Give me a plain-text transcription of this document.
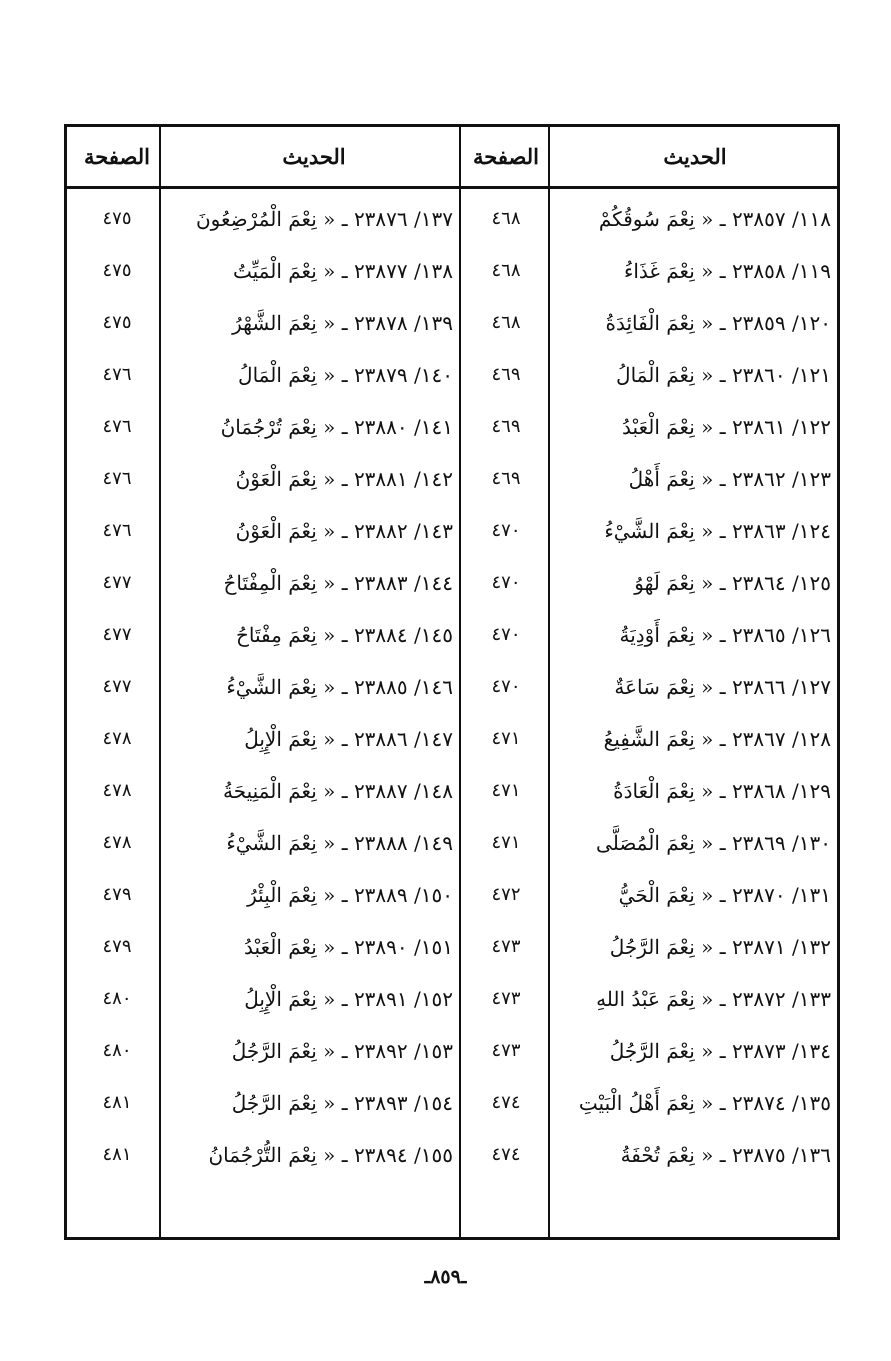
الحديث
الصفحة
الحديث
الصفحة
١١٨/ ٢٣٨٥٧ ـ « نِعْمَ سُوقُكُمْ
٤٦٨
١٣٧/ ٢٣٨٧٦ ـ « نِعْمَ الْمُرْضِعُونَ
٤٧٥
١١٩/ ٢٣٨٥٨ ـ « نِعْمَ غَذَاءُ
٤٦٨
١٣٨/ ٢٣٨٧٧ ـ « نِعْمَ الْمَيِّتُ
٤٧٥
١٢٠/ ٢٣٨٥٩ ـ « نِعْمَ الْفَائِدَةُ
٤٦٨
١٣٩/ ٢٣٨٧٨ ـ « نِعْمَ الشَّهْرُ
٤٧٥
١٢١/ ٢٣٨٦٠ ـ « نِعْمَ الْمَالُ
٤٦٩
١٤٠/ ٢٣٨٧٩ ـ « نِعْمَ الْمَالُ
٤٧٦
١٢٢/ ٢٣٨٦١ ـ « نِعْمَ الْعَبْدُ
٤٦٩
١٤١/ ٢٣٨٨٠ ـ « نِعْمَ تُرْجُمَانُ
٤٧٦
١٢٣/ ٢٣٨٦٢ ـ « نِعْمَ أَهْلُ
٤٦٩
١٤٢/ ٢٣٨٨١ ـ « نِعْمَ الْعَوْنُ
٤٧٦
١٢٤/ ٢٣٨٦٣ ـ « نِعْمَ الشَّيْءُ
٤٧٠
١٤٣/ ٢٣٨٨٢ ـ « نِعْمَ الْعَوْنُ
٤٧٦
١٢٥/ ٢٣٨٦٤ ـ « نِعْمَ لَهْوُ
٤٧٠
١٤٤/ ٢٣٨٨٣ ـ « نِعْمَ الْمِفْتَاحُ
٤٧٧
١٢٦/ ٢٣٨٦٥ ـ « نِعْمَ أَوْدِيَةُ
٤٧٠
١٤٥/ ٢٣٨٨٤ ـ « نِعْمَ مِفْتَاحُ
٤٧٧
١٢٧/ ٢٣٨٦٦ ـ « نِعْمَ سَاعَةٌ
٤٧٠
١٤٦/ ٢٣٨٨٥ ـ « نِعْمَ الشَّيْءُ
٤٧٧
١٢٨/ ٢٣٨٦٧ ـ « نِعْمَ الشَّفِيعُ
٤٧١
١٤٧/ ٢٣٨٨٦ ـ « نِعْمَ الْإِبِلُ
٤٧٨
١٢٩/ ٢٣٨٦٨ ـ « نِعْمَ الْعَادَةُ
٤٧١
١٤٨/ ٢٣٨٨٧ ـ « نِعْمَ الْمَنِيحَةُ
٤٧٨
١٣٠/ ٢٣٨٦٩ ـ « نِعْمَ الْمُصَلَّى
٤٧١
١٤٩/ ٢٣٨٨٨ ـ « نِعْمَ الشَّيْءُ
٤٧٨
١٣١/ ٢٣٨٧٠ ـ « نِعْمَ الْحَيُّ
٤٧٢
١٥٠/ ٢٣٨٨٩ ـ « نِعْمَ الْبِئْرُ
٤٧٩
١٣٢/ ٢٣٨٧١ ـ « نِعْمَ الرَّجُلُ
٤٧٣
١٥١/ ٢٣٨٩٠ ـ « نِعْمَ الْعَبْدُ
٤٧٩
١٣٣/ ٢٣٨٧٢ ـ « نِعْمَ عَبْدُ اللهِ
٤٧٣
١٥٢/ ٢٣٨٩١ ـ « نِعْمَ الْإِبِلُ
٤٨٠
١٣٤/ ٢٣٨٧٣ ـ « نِعْمَ الرَّجُلُ
٤٧٣
١٥٣/ ٢٣٨٩٢ ـ « نِعْمَ الرَّجُلُ
٤٨٠
١٣٥/ ٢٣٨٧٤ ـ « نِعْمَ أَهْلُ الْبَيْتِ
٤٧٤
١٥٤/ ٢٣٨٩٣ ـ « نِعْمَ الرَّجُلُ
٤٨١
١٣٦/ ٢٣٨٧٥ ـ « نِعْمَ تُحْفَةُ
٤٧٤
١٥٥/ ٢٣٨٩٤ ـ « نِعْمَ التُّرْجُمَانُ
٤٨١
ـ٨٥٩ـ
